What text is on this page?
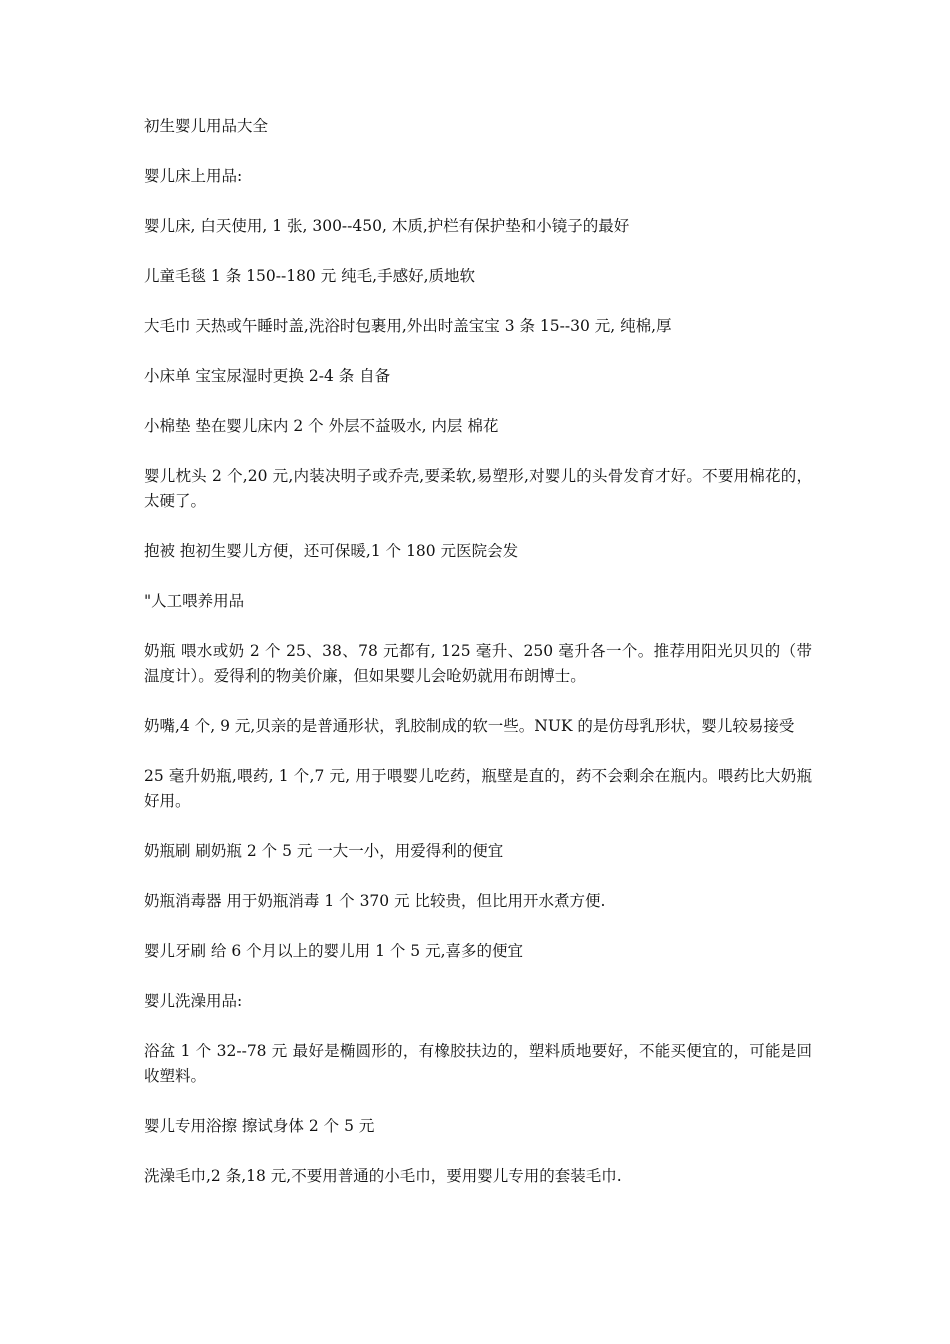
初生婴儿用品大全

婴儿床上用品:

婴儿床, 白天使用, 1 张, 300--450, 木质,护栏有保护垫和小镜子的最好

儿童毛毯 1 条 150--180 元 纯毛,手感好,质地软

大毛巾 天热或午睡时盖,洗浴时包裹用,外出时盖宝宝 3 条 15--30 元, 纯棉,厚

小床单 宝宝尿湿时更换 2-4 条 自备

小棉垫 垫在婴儿床内 2 个 外层不益吸水, 内层 棉花

婴儿枕头 2 个,20 元,内装决明子或乔壳,要柔软,易塑形,对婴儿的头骨发育才好。不要用棉花的，太硬了。

抱被 抱初生婴儿方便，还可保暖,1 个 180 元医院会发

"人工喂养用品

奶瓶 喂水或奶 2 个 25、38、78 元都有, 125 毫升、250 毫升各一个。推荐用阳光贝贝的（带温度计）。爱得利的物美价廉，但如果婴儿会呛奶就用布朗博士。

奶嘴,4 个, 9 元,贝亲的是普通形状，乳胶制成的软一些。NUK 的是仿母乳形状，婴儿较易接受

25 毫升奶瓶,喂药, 1 个,7 元, 用于喂婴儿吃药，瓶壁是直的，药不会剩余在瓶内。喂药比大奶瓶好用。

奶瓶刷 刷奶瓶 2 个 5 元 一大一小，用爱得利的便宜

奶瓶消毒器 用于奶瓶消毒 1 个 370 元 比较贵，但比用开水煮方便.

婴儿牙刷 给 6 个月以上的婴儿用 1 个 5 元,喜多的便宜

婴儿洗澡用品:

浴盆 1 个 32--78 元 最好是椭圆形的，有橡胶扶边的，塑料质地要好，不能买便宜的，可能是回收塑料。

婴儿专用浴擦 擦试身体 2 个 5 元

洗澡毛巾,2 条,18 元,不要用普通的小毛巾，要用婴儿专用的套装毛巾.
